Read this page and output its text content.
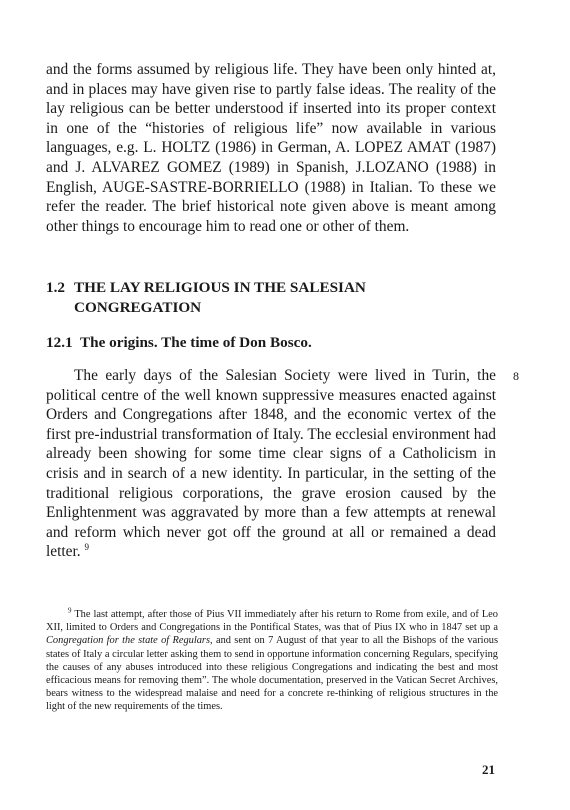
and the forms assumed by religious life. They have been only hinted at, and in places may have given rise to partly false ideas. The reality of the lay religious can be better understood if inserted into its proper context in one of the “histories of religious life” now available in various languages, e.g. L. HOLTZ (1986) in German, A. LOPEZ AMAT (1987) and J. ALVAREZ GOMEZ (1989) in Spanish, J.LOZANO (1988) in English, AUGE-SASTRE-BORRIELLO (1988) in Italian. To these we refer the reader. The brief historical note given above is meant among other things to encourage him to read one or other of them.

1.2 THE LAY RELIGIOUS IN THE SALESIAN
CONGREGATION
12.1 The origins. The time of Don Bosco.

The early days of the Salesian Society were lived in Turin, the political centre of the well known suppressive measures enacted against Orders and Congregations after 1848, and the economic vertex of the first pre-industrial transformation of Italy. The ecclesial environment had already been showing for some time clear signs of a Catholicism in crisis and in search of a new identity. In particular, in the setting of the traditional religious corporations, the grave erosion caused by the Enlightenment was aggravated by more than a few attempts at renewal and reform which never got off the ground at all or remained a dead letter. $^9$

8

$^9$ The last attempt, after those of Pius VII immediately after his return to Rome from exile, and of Leo XII, limited to Orders and Congregations in the Pontifical States, was that of Pius IX who in 1847 set up a Congregation for the state of Regulars, and sent on 7 August of that year to all the Bishops of the various states of Italy a circular letter asking them to send in opportune information concerning Regulars, specifying the causes of any abuses introduced into these religious Congregations and indicating the best and most efficacious means for removing them”. The whole documentation, preserved in the Vatican Secret Archives, bears witness to the widespread malaise and need for a concrete re-thinking of religious structures in the light of the new requirements of the times.

21
